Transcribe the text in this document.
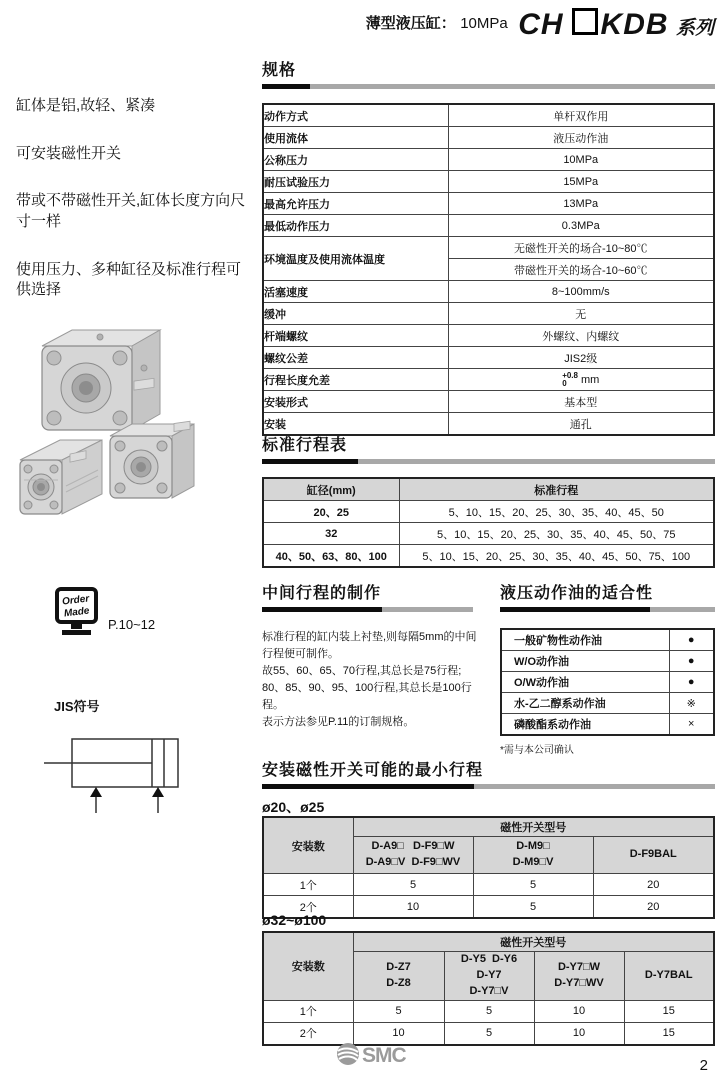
薄型液压缸： 10MPa CH KDB 系列

缸体是铝,故轻、紧凑

可安装磁性开关

带或不带磁性开关,缸体长度方向尺寸一样

使用压力、多种缸径及标准行程可供选择

Order
Made
P.10~12
JIS符号
规格
动作方式	单杆双作用
使用流体	液压动作油
公称压力	10MPa
耐压试验压力	15MPa
最高允许压力	13MPa
最低动作压力	0.3MPa
环境温度及使用流体温度	无磁性开关的场合-10~80℃
	带磁性开关的场合-10~60℃
活塞速度	8~100mm/s
缓冲	无
杆端螺纹	外螺纹、内螺纹
螺纹公差	JIS2级
行程长度允差	+0.8
0 mm
安装形式	基本型
安装	通孔
标准行程表
缸径(mm)	标准行程
20、25	5、10、15、20、25、30、35、40、45、50
32	5、10、15、20、25、30、35、40、45、50、75
40、50、63、80、100	5、10、15、20、25、30、35、40、45、50、75、100
中间行程的制作
标准行程的缸内装上衬垫,则每隔5mm的中间
行程便可制作。
故55、60、65、70行程,其总长是75行程;
80、85、90、95、100行程,其总长是100行程。
表示方法参见P.11的订制规格。
液压动作油的适合性
一般矿物性动作油	●
W/O动作油	●
O/W动作油	●
水-乙二醇系动作油	※
磷酸酯系动作油	×
*需与本公司确认
安装磁性开关可能的最小行程
ø20、ø25
安装数	磁性开关型号		

D-A9□   D-F9□W
D-A9□V  D-F9□WV

D-M9□
D-M9□V

D-F9BAL

1个	5	5	20
2个	10	5	20
ø32~ø100
安装数	磁性开关型号			

D-Z7
D-Z8

D-Y5  D-Y6
D-Y7
D-Y7□V

D-Y7□W
D-Y7□WV

D-Y7BAL

1个	5	5	10	15
2个	10	5	10	15
SMC	2
